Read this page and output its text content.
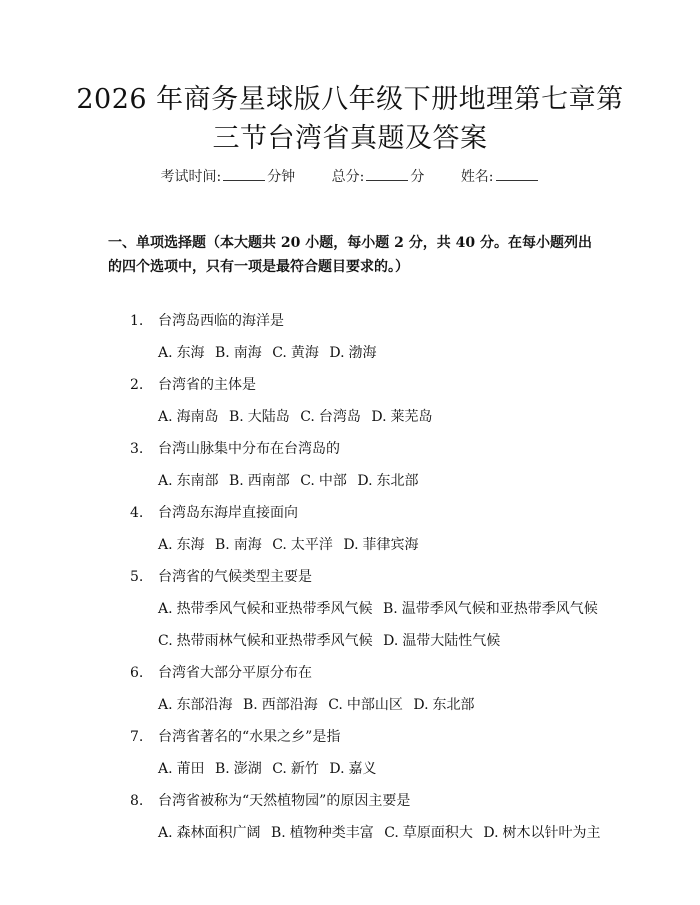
2026 年商务星球版八年级下册地理第七章第
三节台湾省真题及答案
考试时间:	分钟	总分:	分	姓名:
一、单项选择题（本大题共 20 小题，每小题 2 分，共 40 分。在每小题列出的四个选项中，只有一项是最符合题目要求的。）
1. 台湾岛西临的海洋是
A. 东海 B. 南海 C. 黄海 D. 渤海
2. 台湾省的主体是
A. 海南岛 B. 大陆岛 C. 台湾岛 D. 莱芜岛
3. 台湾山脉集中分布在台湾岛的
A. 东南部 B. 西南部 C. 中部 D. 东北部
4. 台湾岛东海岸直接面向
A. 东海 B. 南海 C. 太平洋 D. 菲律宾海
5. 台湾省的气候类型主要是
A. 热带季风气候和亚热带季风气候 B. 温带季风气候和亚热带季风气候
C. 热带雨林气候和亚热带季风气候 D. 温带大陆性气候
6. 台湾省大部分平原分布在
A. 东部沿海 B. 西部沿海 C. 中部山区 D. 东北部
7. 台湾省著名的“水果之乡”是指
A. 莆田 B. 澎湖 C. 新竹 D. 嘉义
8. 台湾省被称为“天然植物园”的原因主要是
A. 森林面积广阔 B. 植物种类丰富 C. 草原面积大 D. 树木以针叶为主
